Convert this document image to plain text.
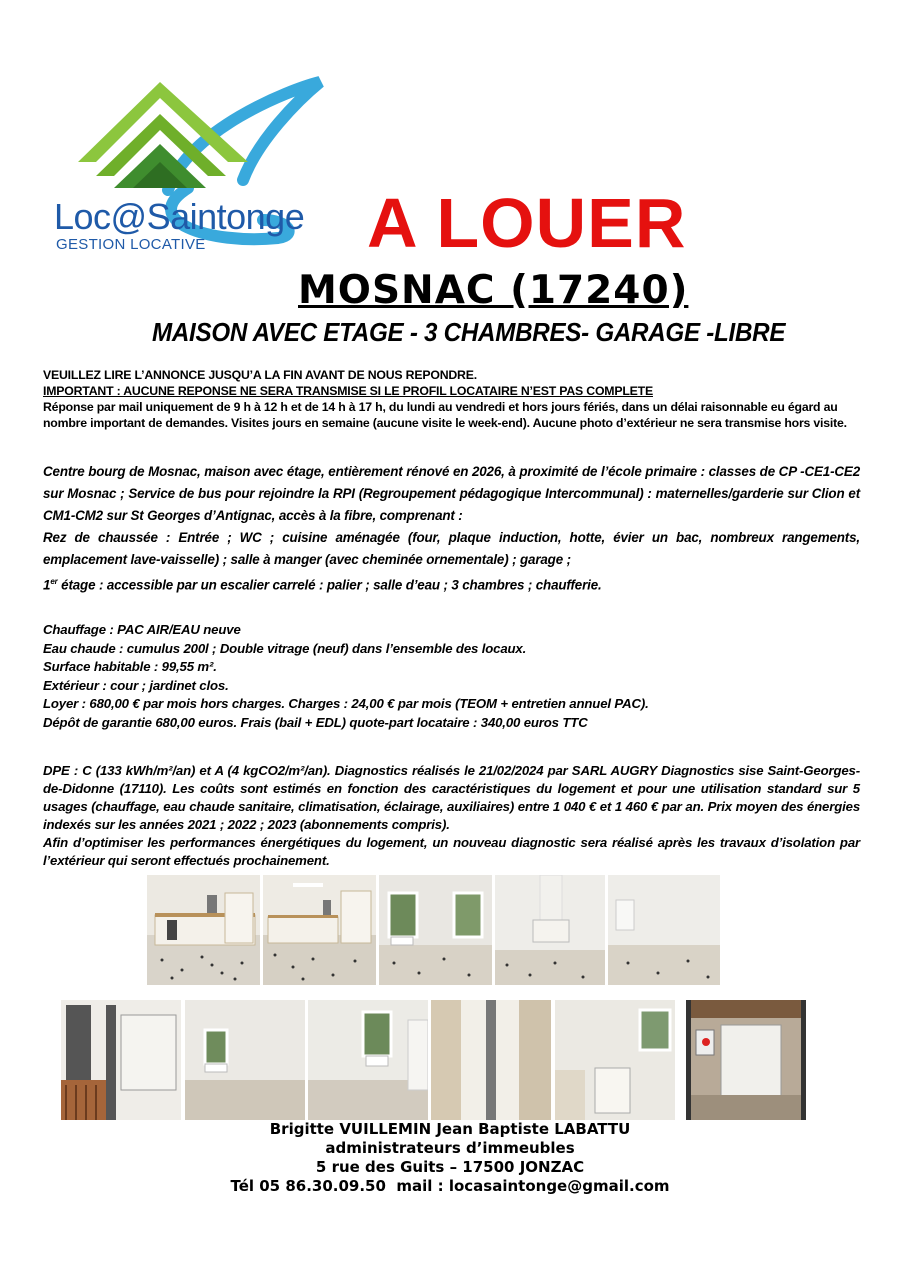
Loc@Saintonge
GESTION LOCATIVE A LOUER
MOSNAC (17240)
MAISON AVEC ETAGE - 3 CHAMBRES- GARAGE -LIBRE

VEUILLEZ LIRE L’ANNONCE JUSQU’A LA FIN AVANT DE NOUS REPONDRE.

IMPORTANT : AUCUNE REPONSE NE SERA TRANSMISE SI LE PROFIL LOCATAIRE N’EST PAS COMPLETE

Réponse par mail uniquement de 9 h à 12 h et de 14 h à 17 h, du lundi au vendredi et hors jours fériés, dans un délai raisonnable eu égard au nombre important de demandes. Visites jours en semaine (aucune visite le week-end). Aucune photo d’extérieur ne sera transmise hors visite.

Centre bourg de Mosnac, maison avec étage, entièrement rénové en 2026, à proximité de l’école primaire : classes de CP -CE1-CE2 sur Mosnac ; Service de bus pour rejoindre la RPI (Regroupement pédagogique Intercommunal) : maternelles/garderie sur Clion et CM1-CM2 sur St Georges d’Antignac, accès à la fibre, comprenant :

Rez de chaussée : Entrée ; WC ; cuisine aménagée (four, plaque induction, hotte, évier un bac, nombreux rangements, emplacement lave-vaisselle) ; salle à manger (avec cheminée ornementale) ; garage ;

1er étage : accessible par un escalier carrelé : palier ; salle d’eau ; 3 chambres ; chaufferie.

Chauffage : PAC AIR/EAU neuve

Eau chaude : cumulus 200l ; Double vitrage (neuf) dans l’ensemble des locaux.

Surface habitable : 99,55 m².

Extérieur : cour ; jardinet clos.

Loyer : 680,00 € par mois hors charges. Charges : 24,00 € par mois (TEOM + entretien annuel PAC).

Dépôt de garantie 680,00 euros. Frais (bail + EDL) quote-part locataire : 340,00 euros TTC

DPE : C (133 kWh/m²/an) et A (4 kgCO2/m²/an). Diagnostics réalisés le 21/02/2024 par SARL AUGRY Diagnostics sise Saint-Georges-de-Didonne (17110). Les coûts sont estimés en fonction des caractéristiques du logement et pour une utilisation standard sur 5 usages (chauffage, eau chaude sanitaire, climatisation, éclairage, auxiliaires) entre 1 040 € et 1 460 € par an. Prix moyen des énergies indexés sur les années 2021 ; 2022 ; 2023 (abonnements compris).

Afin d’optimiser les performances énergétiques du logement, un nouveau diagnostic sera réalisé après les travaux d’isolation par l’extérieur qui seront effectués prochainement.

Brigitte VUILLEMIN Jean Baptiste LABATTU
administrateurs d’immeubles
5 rue des Guits – 17500 JONZAC
Tél 05 86.30.09.50  mail : locasaintonge@gmail.com
